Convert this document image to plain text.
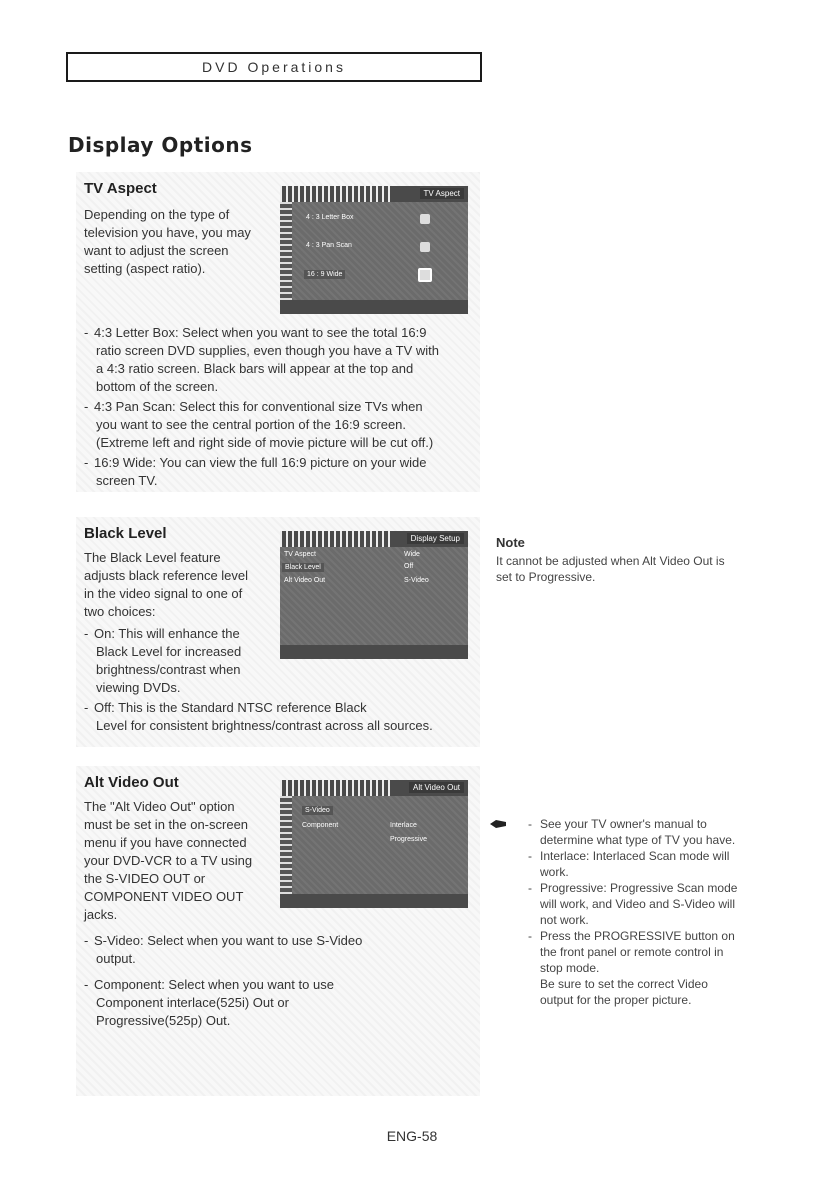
DVD Operations
Display Options
TV Aspect
Depending on the type of
television you have, you may
want to adjust the screen
setting (aspect ratio).
TV Aspect
4 : 3 Letter Box
4 : 3 Pan Scan
16 : 9 Wide
- 4:3 Letter Box: Select when you want to see the total 16:9
ratio screen DVD supplies, even though you have a TV with
a 4:3 ratio screen. Black bars will appear at the top and
bottom of the screen.
- 4:3 Pan Scan: Select this for conventional size TVs when
you want to see the central portion of the 16:9 screen.
(Extreme left and right side of movie picture will be cut off.)
- 16:9 Wide: You can view the full 16:9 picture on your wide
screen TV.
Black Level
The Black Level feature
adjusts black reference level
in the video signal to one of
two choices:
Display Setup
TV Aspect
Black Level
Alt Video Out
Wide
Off
S-Video
- On: This will enhance the
Black Level for increased
brightness/contrast when
viewing DVDs.
- Off: This is the Standard NTSC reference Black
Level for consistent brightness/contrast across all sources.
Alt Video Out
The "Alt Video Out" option
must be set in the on-screen
menu if you have connected
your DVD-VCR to a TV using
the S-VIDEO OUT or
COMPONENT VIDEO OUT
jacks.
Alt Video Out
S-Video
Component	Interlace
Progressive
- S-Video: Select when you want to use S-Video
output.
- Component: Select when you want to use
Component interlace(525i) Out or
Progressive(525p) Out.
Note
It cannot be adjusted when Alt Video Out is
set to Progressive.
- See your TV owner's manual to
determine what type of TV you have.
- Interlace: Interlaced Scan mode will
work.
- Progressive: Progressive Scan mode
will work, and Video and S-Video will
not work.
- Press the PROGRESSIVE button on
the front panel or remote control in
stop mode.
Be sure to set the correct Video
output for the proper picture.
ENG-58
